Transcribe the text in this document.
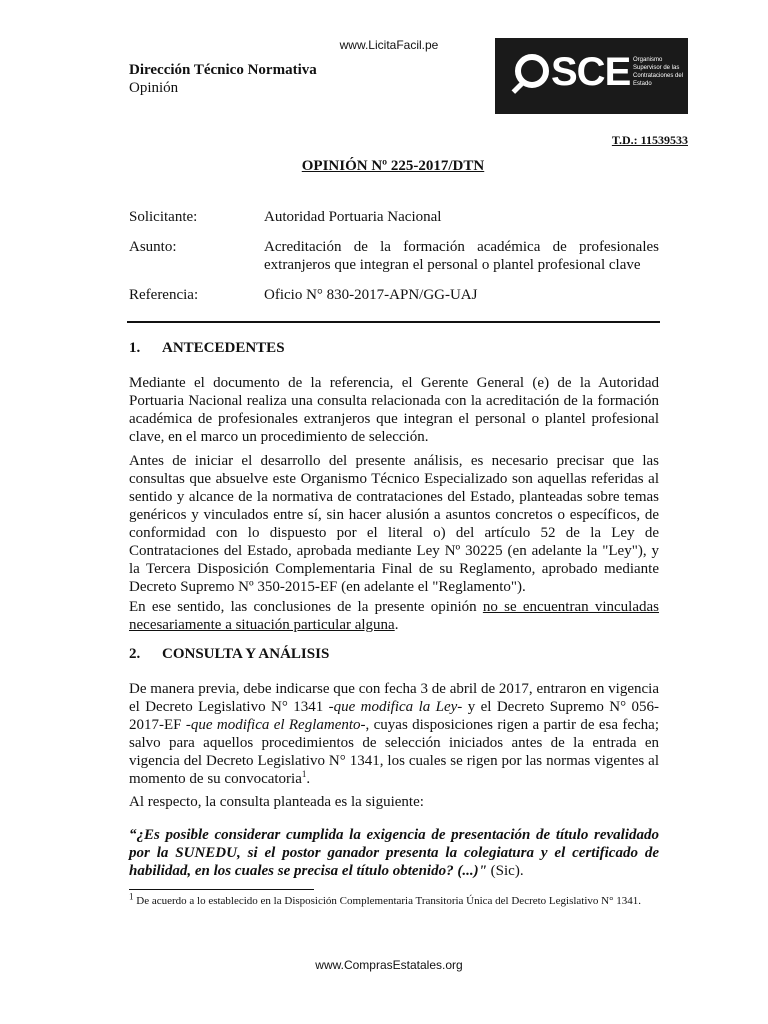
www.LicitaFacil.pe
Dirección Técnico Normativa
Opinión	SCE Organismo Supervisor de las Contrataciones del Estado
T.D.: 11539533
OPINIÓN Nº 225-2017/DTN
Solicitante:	Autoridad Portuaria Nacional
Asunto:	Acreditación de la formación académica de profesionales extranjeros que integran el personal o plantel profesional clave
Referencia:	Oficio N° 830-2017-APN/GG-UAJ
1. ANTECEDENTES
Mediante el documento de la referencia, el Gerente General (e) de la Autoridad Portuaria Nacional realiza una consulta relacionada con la acreditación de la formación académica de profesionales extranjeros que integran el personal o plantel profesional clave, en el marco un procedimiento de selección.
Antes de iniciar el desarrollo del presente análisis, es necesario precisar que las consultas que absuelve este Organismo Técnico Especializado son aquellas referidas al sentido y alcance de la normativa de contrataciones del Estado, planteadas sobre temas genéricos y vinculados entre sí, sin hacer alusión a asuntos concretos o específicos, de conformidad con lo dispuesto por el literal o) del artículo 52 de la Ley de Contrataciones del Estado, aprobada mediante Ley Nº 30225 (en adelante la "Ley"), y la Tercera Disposición Complementaria Final de su Reglamento, aprobado mediante Decreto Supremo Nº 350-2015-EF (en adelante el "Reglamento").
En ese sentido, las conclusiones de la presente opinión no se encuentran vinculadas necesariamente a situación particular alguna.
2. CONSULTA Y ANÁLISIS
De manera previa, debe indicarse que con fecha 3 de abril de 2017, entraron en vigencia el Decreto Legislativo N° 1341 -que modifica la Ley- y el Decreto Supremo N° 056-2017-EF -que modifica el Reglamento-, cuyas disposiciones rigen a partir de esa fecha; salvo para aquellos procedimientos de selección iniciados antes de la entrada en vigencia del Decreto Legislativo N° 1341, los cuales se rigen por las normas vigentes al momento de su convocatoria$^1$.
Al respecto, la consulta planteada es la siguiente:
“¿Es posible considerar cumplida la exigencia de presentación de título revalidado por la SUNEDU, si el postor ganador presenta la colegiatura y el certificado de habilidad, en los cuales se precisa el título obtenido? (...)" (Sic).
$^1$ De acuerdo a lo establecido en la Disposición Complementaria Transitoria Única del Decreto Legislativo N° 1341.
www.ComprasEstatales.org
